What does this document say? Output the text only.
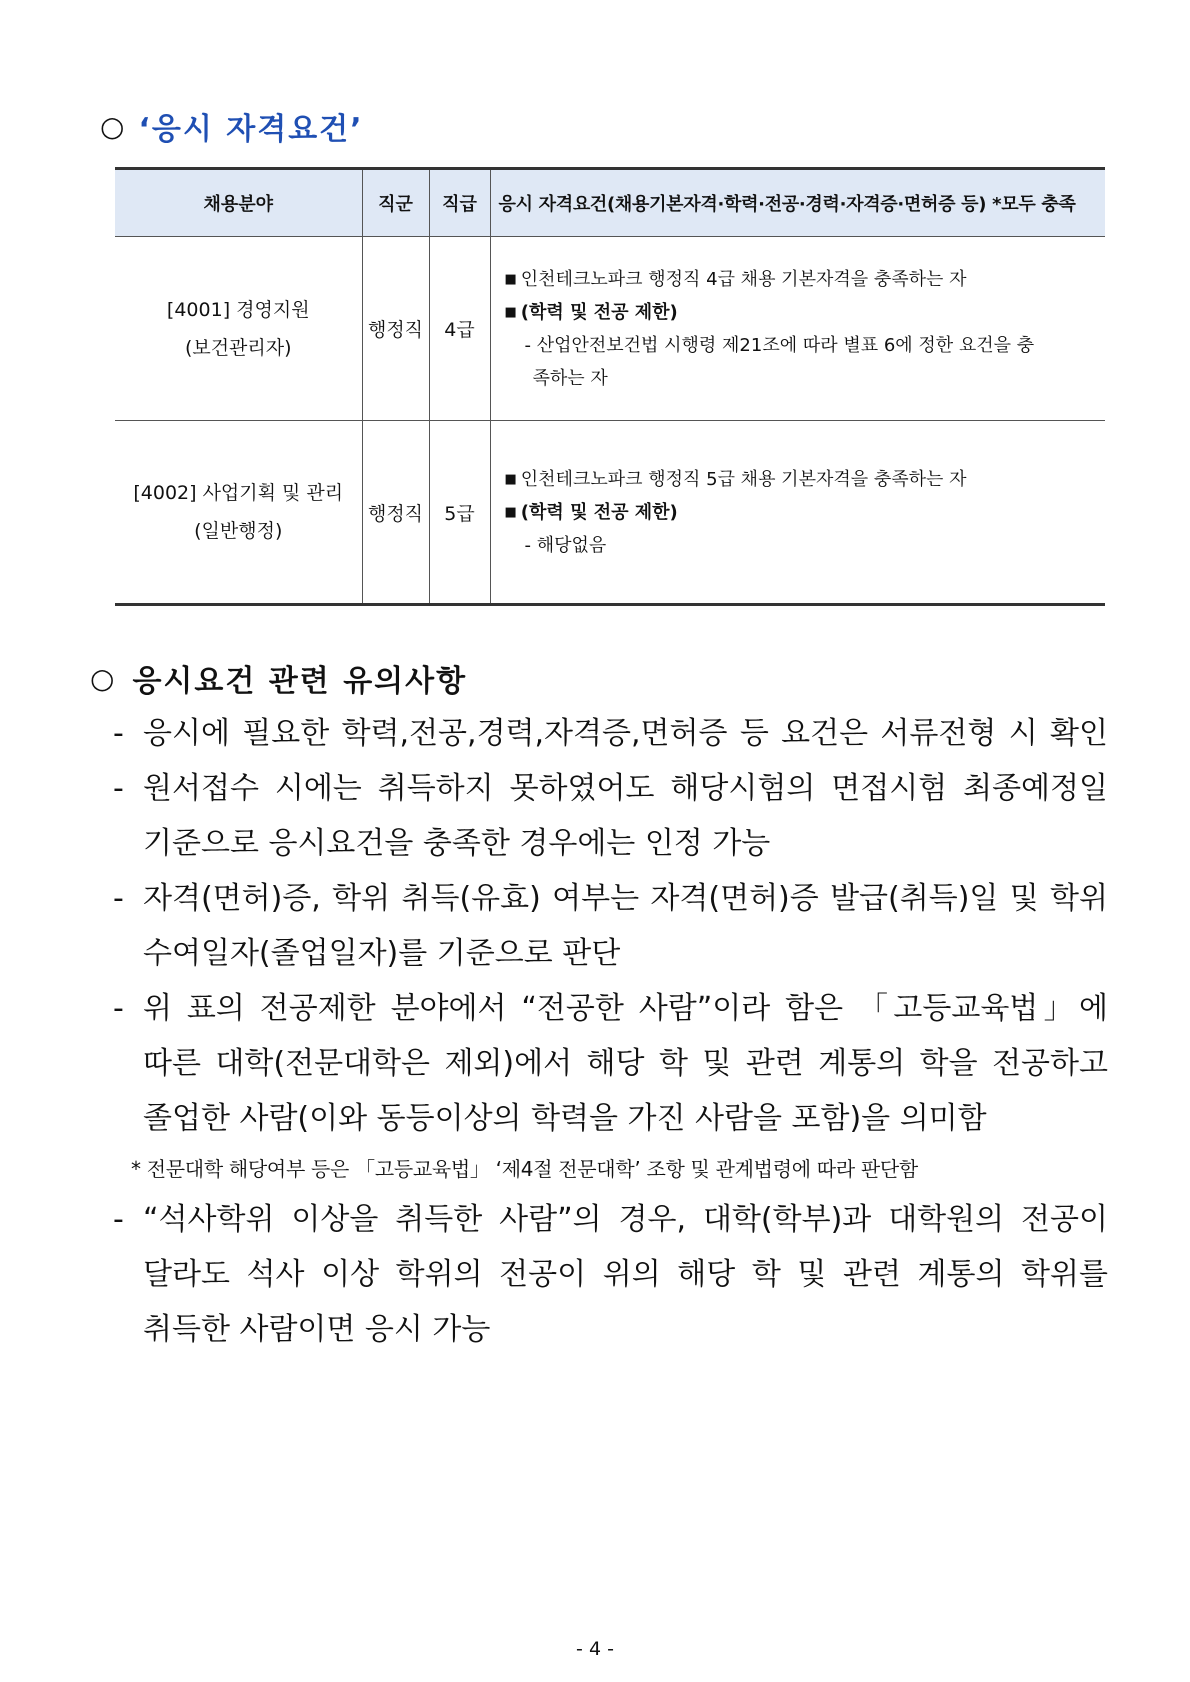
○ ‘응시 자격요건’
채용분야	직군	직급	응시 자격요건(채용기본자격·학력·전공·경력·자격증·면허증 등) *모두 충족

[4001] 경영지원
(보건관리자)	행정직	4급	■ 인천테크노파크 행정직 4급 채용 기본자격을 충족하는 자
■ (학력 및 전공 제한)
- 산업안전보건법 시행령 제21조에 따라 별표 6에 정한 요건을 충
족하는 자

[4002] 사업기획 및 관리
(일반행정)	행정직	5급	■ 인천테크노파크 행정직 5급 채용 기본자격을 충족하는 자
■ (학력 및 전공 제한)
- 해당없음
○ 응시요건 관련 유의사항
- 응시에 필요한 학력,전공,경력,자격증,면허증 등 요건은 서류전형 시 확인
- 원서접수 시에는 취득하지 못하였어도 해당시험의 면접시험 최종예정일
기준으로 응시요건을 충족한 경우에는 인정 가능
- 자격(면허)증, 학위 취득(유효) 여부는 자격(면허)증 발급(취득)일 및 학위
수여일자(졸업일자)를 기준으로 판단
- 위 표의 전공제한 분야에서 “전공한 사람”이라 함은 「고등교육법」에
따른 대학(전문대학은 제외)에서 해당 학 및 관련 계통의 학을 전공하고
졸업한 사람(이와 동등이상의 학력을 가진 사람을 포함)을 의미함
* 전문대학 해당여부 등은 「고등교육법」 ‘제4절 전문대학’ 조항 및 관계법령에 따라 판단함
- “석사학위 이상을 취득한 사람”의 경우, 대학(학부)과 대학원의 전공이
달라도 석사 이상 학위의 전공이 위의 해당 학 및 관련 계통의 학위를
취득한 사람이면 응시 가능
- 4 -
